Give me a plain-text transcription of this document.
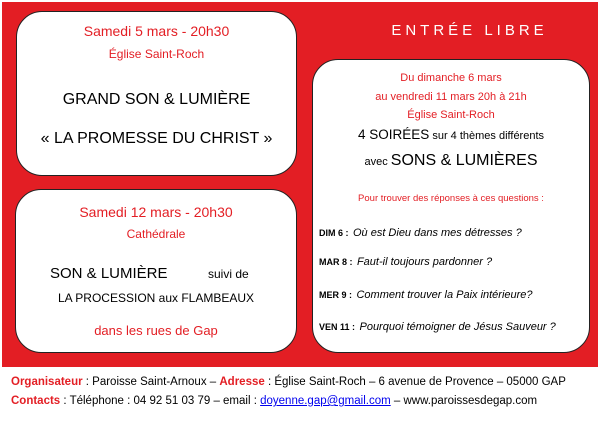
ENTRÉE LIBRE
Samedi 5 mars - 20h30
Église Saint-Roch
GRAND SON & LUMIÈRE
« LA PROMESSE DU CHRIST »
Samedi 12 mars - 20h30
Cathédrale
SON & LUMIÈRE	suivi de
LA PROCESSION aux FLAMBEAUX
dans les rues de Gap
Du dimanche 6 mars
au vendredi 11 mars 20h à 21h
Église Saint-Roch
4 SOIRÉES sur 4 thèmes différents
avec SONS & LUMIÈRES
Pour trouver des réponses à ces questions :
DIM 6 : Où est Dieu dans mes détresses ?
MAR 8 : Faut-il toujours pardonner ?
MER 9 : Comment trouver la Paix intérieure?
VEN 11 : Pourquoi témoigner de Jésus Sauveur ?
Organisateur : Paroisse Saint-Arnoux – Adresse : Église Saint-Roch – 6 avenue de Provence – 05000 GAP
Contacts : Téléphone : 04 92 51 03 79 – email : doyenne.gap@gmail.com – www.paroissesdegap.com
